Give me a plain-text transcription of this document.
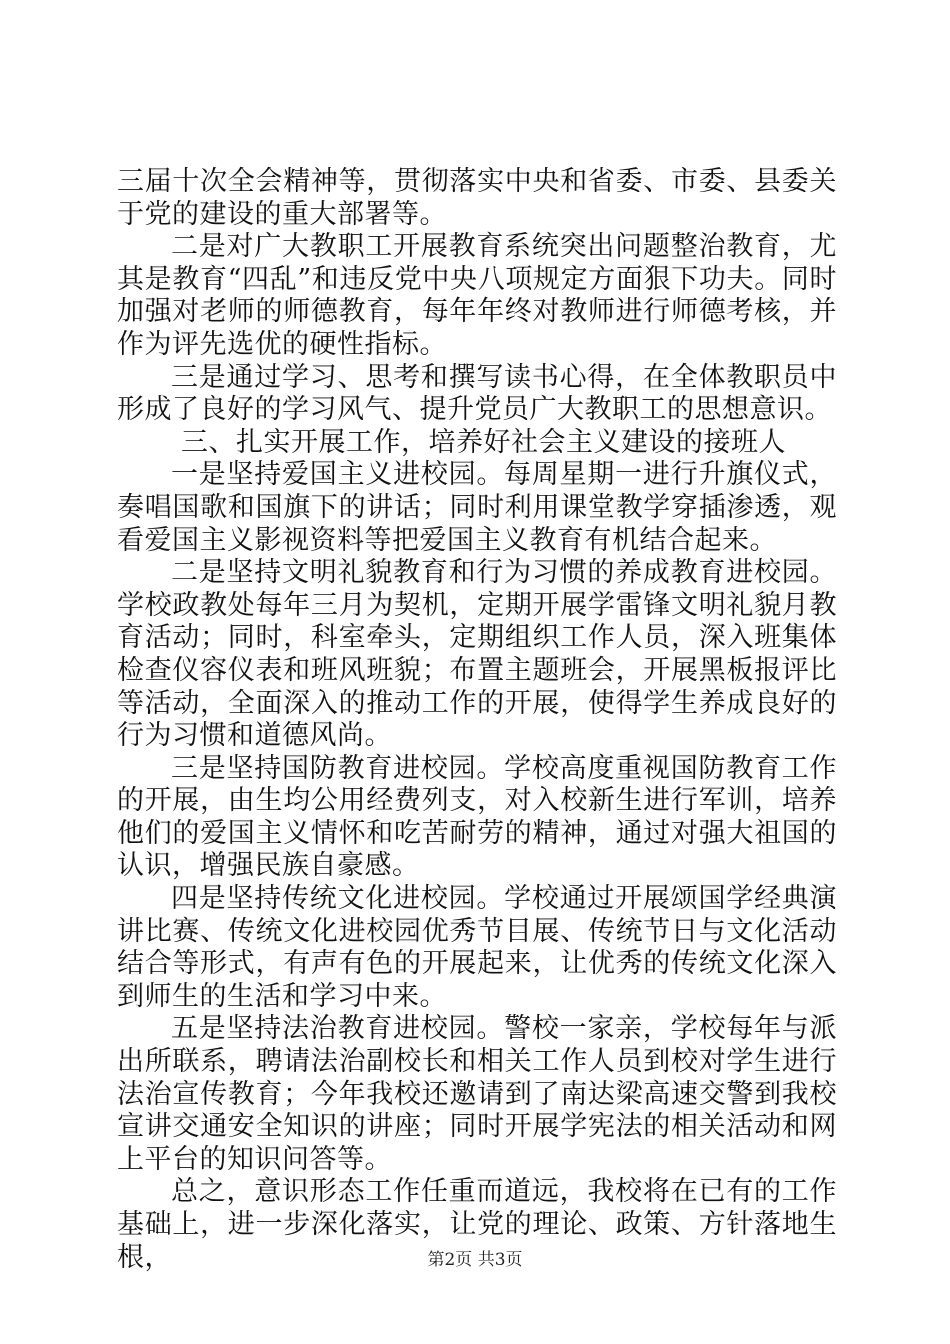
三届十次全会精神等，贯彻落实中央和省委、市委、县委关于党的建设的重大部署等。

二是对广大教职工开展教育系统突出问题整治教育，尤其是教育“四乱”和违反党中央八项规定方面狠下功夫。同时加强对老师的师德教育，每年年终对教师进行师德考核，并作为评先选优的硬性指标。

三是通过学习、思考和撰写读书心得，在全体教职员中形成了良好的学习风气、提升党员广大教职工的思想意识。

三、扎实开展工作，培养好社会主义建设的接班人

一是坚持爱国主义进校园。每周星期一进行升旗仪式，奏唱国歌和国旗下的讲话；同时利用课堂教学穿插渗透，观看爱国主义影视资料等把爱国主义教育有机结合起来。

二是坚持文明礼貌教育和行为习惯的养成教育进校园。学校政教处每年三月为契机，定期开展学雷锋文明礼貌月教育活动；同时，科室牵头，定期组织工作人员，深入班集体检查仪容仪表和班风班貌；布置主题班会，开展黑板报评比等活动，全面深入的推动工作的开展，使得学生养成良好的行为习惯和道德风尚。

三是坚持国防教育进校园。学校高度重视国防教育工作的开展，由生均公用经费列支，对入校新生进行军训，培养他们的爱国主义情怀和吃苦耐劳的精神，通过对强大祖国的认识，增强民族自豪感。

四是坚持传统文化进校园。学校通过开展颂国学经典演讲比赛、传统文化进校园优秀节目展、传统节日与文化活动结合等形式，有声有色的开展起来，让优秀的传统文化深入到师生的生活和学习中来。

五是坚持法治教育进校园。警校一家亲，学校每年与派出所联系，聘请法治副校长和相关工作人员到校对学生进行法治宣传教育；今年我校还邀请到了南达梁高速交警到我校宣讲交通安全知识的讲座；同时开展学宪法的相关活动和网上平台的知识问答等。

总之，意识形态工作任重而道远，我校将在已有的工作基础上，进一步深化落实，让党的理论、政策、方针落地生根，	第2页 共3页
